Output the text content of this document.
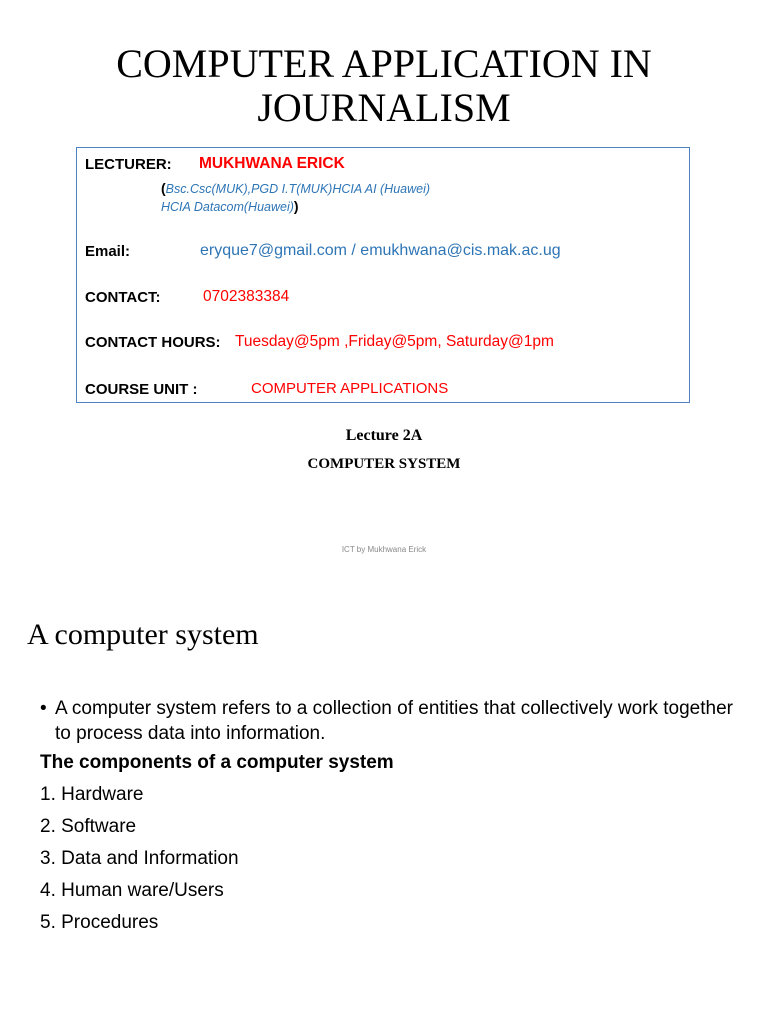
COMPUTER APPLICATION IN
JOURNALISM
LECTURER: MUKHWANA ERICK
(Bsc.Csc(MUK),PGD I.T(MUK)HCIA AI (Huawei)
HCIA Datacom(Huawei))
Email:	eryque7@gmail.com / emukhwana@cis.mak.ac.ug
CONTACT:	0702383384
CONTACT HOURS: Tuesday@5pm ,Friday@5pm, Saturday@1pm
COURSE UNIT :	COMPUTER APPLICATIONS
Lecture 2A
COMPUTER SYSTEM
ICT by Mukhwana Erick
A computer system
• A computer system refers to a collection of entities that collectively work together to process data into information.
The components of a computer system
1. Hardware
2. Software
3. Data and Information
4. Human ware/Users
5. Procedures
